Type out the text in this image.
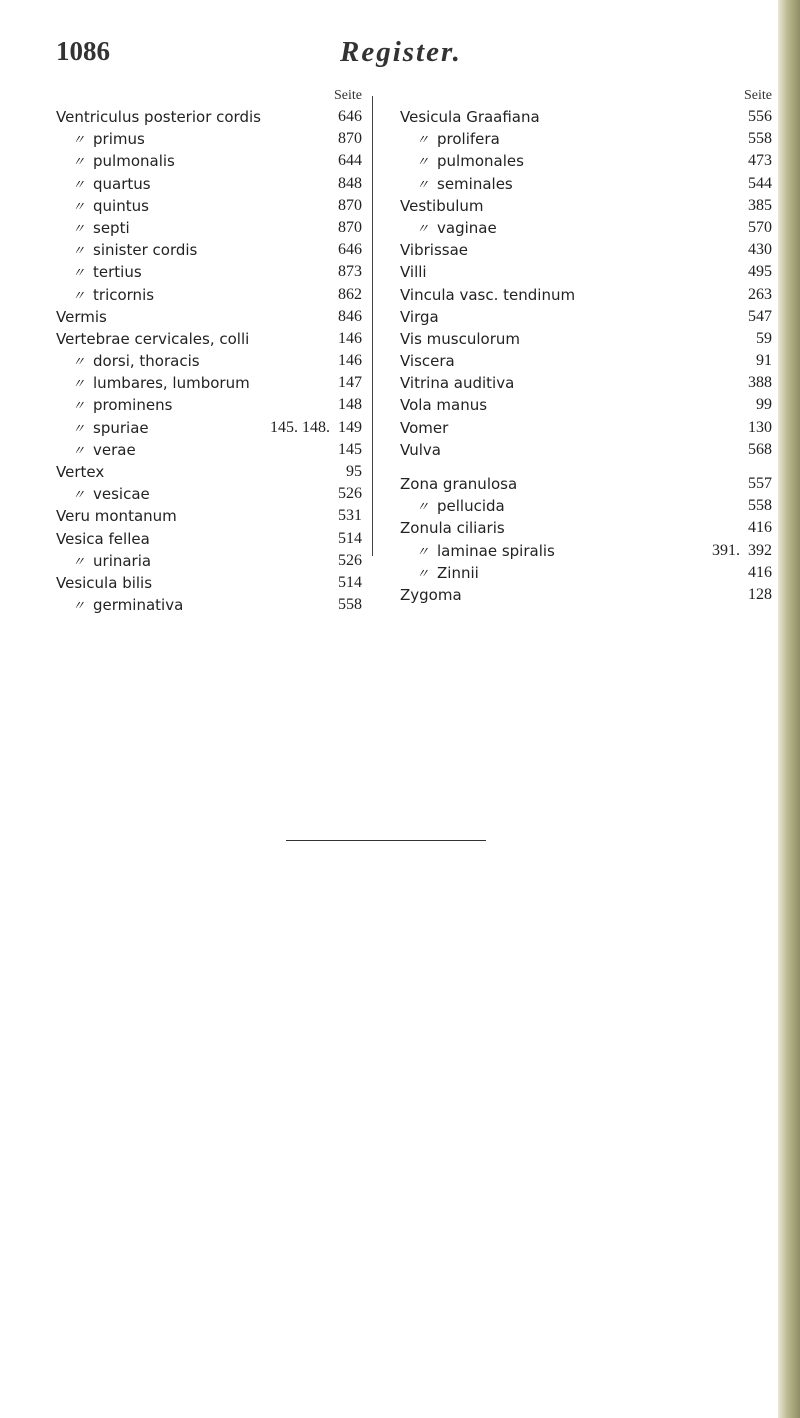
1086	Register.
Seite
Ventriculus posterior cordis	646
〃 primus	870
〃 pulmonalis	644
〃 quartus	848
〃 quintus	870
〃 septi	870
〃 sinister cordis	646
〃 tertius	873
〃 tricornis	862
Vermis	846
Vertebrae cervicales, colli	146
〃 dorsi, thoracis	146
〃 lumbares, lumborum	147
〃 prominens	148
〃 spuriae	145. 148. 149
〃 verae	145
Vertex	95
〃 vesicae	526
Veru montanum	531
Vesica fellea	514
〃 urinaria	526
Vesicula bilis	514
〃 germinativa	558
Seite
Vesicula Graafiana	556
〃 prolifera	558
〃 pulmonales	473
〃 seminales	544
Vestibulum	385
〃 vaginae	570
Vibrissae	430
Villi	495
Vincula vasc. tendinum	263
Virga	547
Vis musculorum	59
Viscera	91
Vitrina auditiva	388
Vola manus	99
Vomer	130
Vulva	568
Zona granulosa	557
〃 pellucida	558
Zonula ciliaris	416
〃 laminae spiralis	391. 392
〃 Zinnii	416
Zygoma	128
